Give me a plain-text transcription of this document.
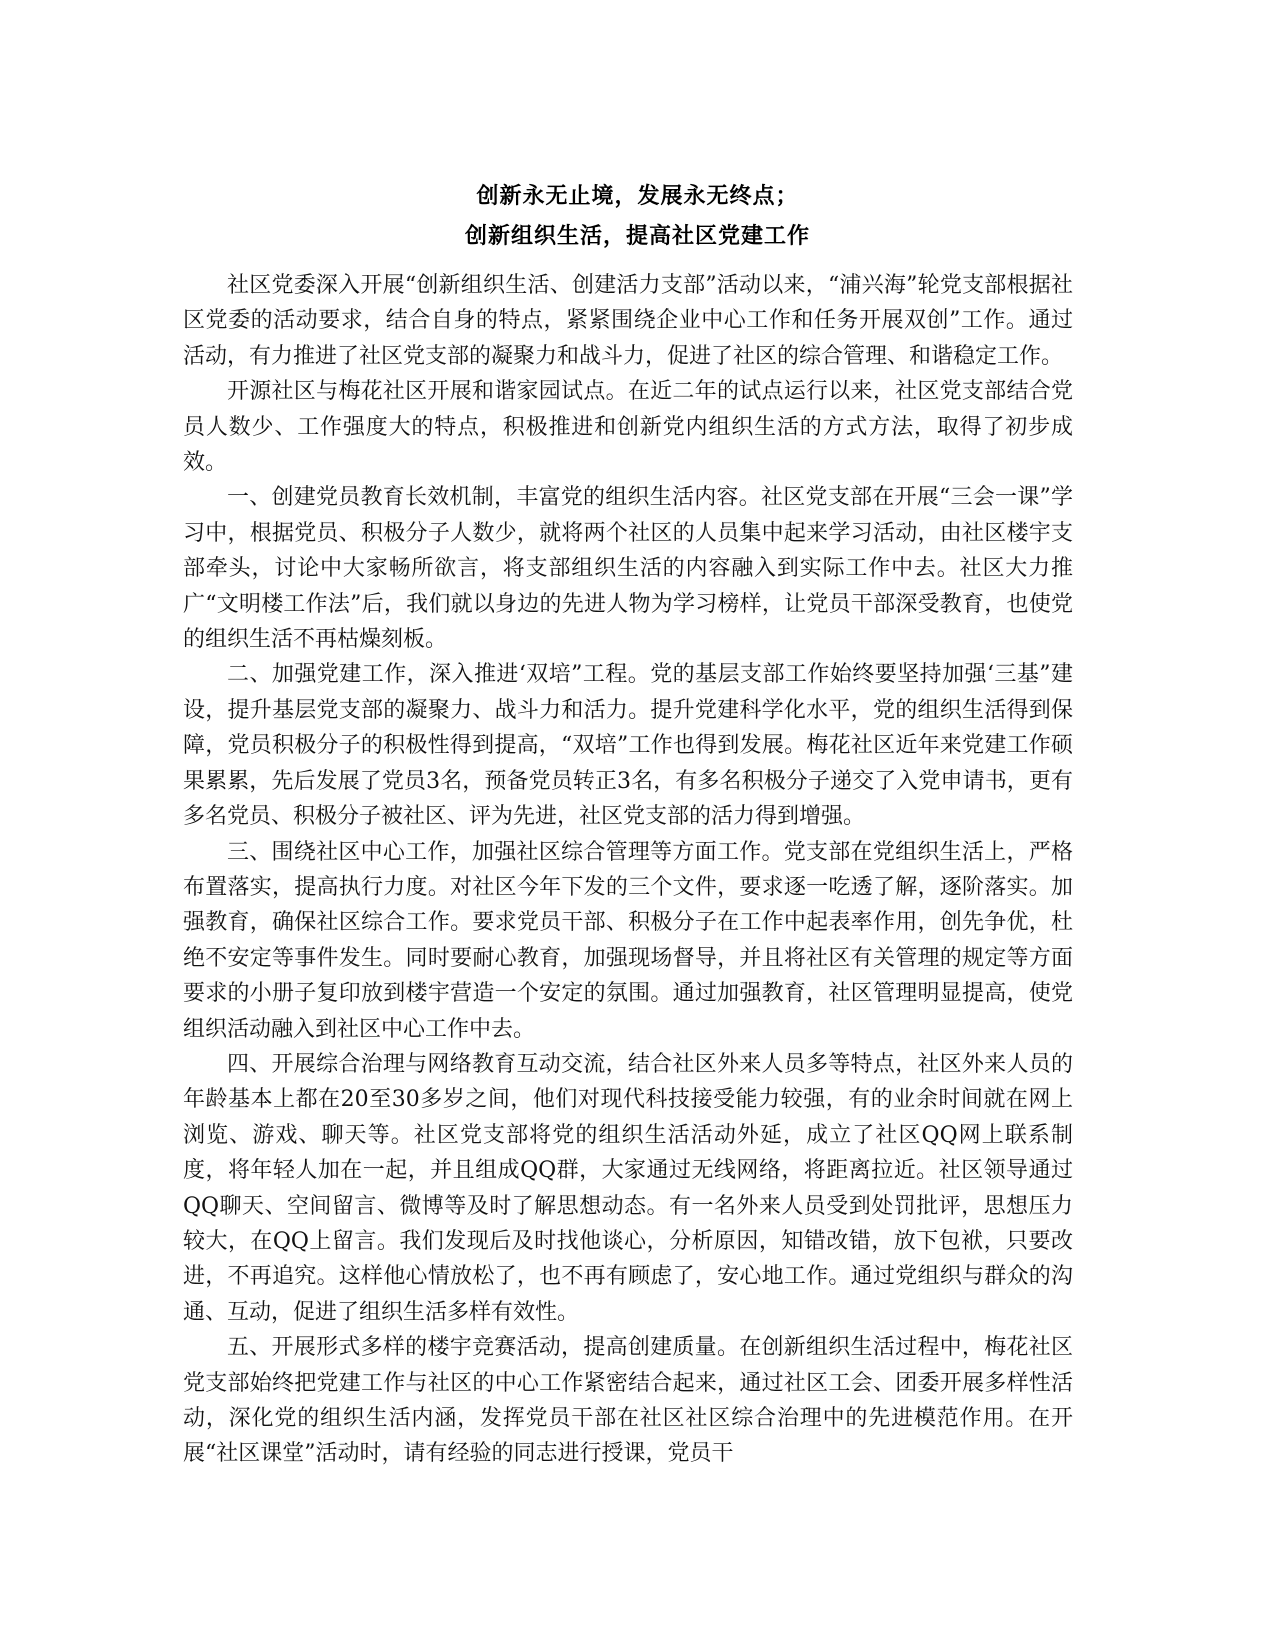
创新永无止境，发展永无终点；
创新组织生活，提高社区党建工作

社区党委深入开展“创新组织生活、创建活力支部”活动以来，“浦兴海”轮党支部根据社区党委的活动要求，结合自身的特点，紧紧围绕企业中心工作和任务开展双创”工作。通过活动，有力推进了社区党支部的凝聚力和战斗力，促进了社区的综合管理、和谐稳定工作。

开源社区与梅花社区开展和谐家园试点。在近二年的试点运行以来，社区党支部结合党员人数少、工作强度大的特点，积极推进和创新党内组织生活的方式方法，取得了初步成效。

一、创建党员教育长效机制，丰富党的组织生活内容。社区党支部在开展“三会一课”学习中，根据党员、积极分子人数少，就将两个社区的人员集中起来学习活动，由社区楼宇支部牵头，讨论中大家畅所欲言，将支部组织生活的内容融入到实际工作中去。社区大力推广“文明楼工作法”后，我们就以身边的先进人物为学习榜样，让党员干部深受教育，也使党的组织生活不再枯燥刻板。

二、加强党建工作，深入推进‘双培”工程。党的基层支部工作始终要坚持加强‘三基”建设，提升基层党支部的凝聚力、战斗力和活力。提升党建科学化水平，党的组织生活得到保障，党员积极分子的积极性得到提高，“双培”工作也得到发展。梅花社区近年来党建工作硕果累累，先后发展了党员3名，预备党员转正3名，有多名积极分子递交了入党申请书，更有多名党员、积极分子被社区、评为先进，社区党支部的活力得到增强。

三、围绕社区中心工作，加强社区综合管理等方面工作。党支部在党组织生活上，严格布置落实，提高执行力度。对社区今年下发的三个文件，要求逐一吃透了解，逐阶落实。加强教育，确保社区综合工作。要求党员干部、积极分子在工作中起表率作用，创先争优，杜绝不安定等事件发生。同时要耐心教育，加强现场督导，并且将社区有关管理的规定等方面要求的小册子复印放到楼宇营造一个安定的氛围。通过加强教育，社区管理明显提高，使党组织活动融入到社区中心工作中去。

四、开展综合治理与网络教育互动交流，结合社区外来人员多等特点，社区外来人员的年龄基本上都在20至30多岁之间，他们对现代科技接受能力较强，有的业余时间就在网上浏览、游戏、聊天等。社区党支部将党的组织生活活动外延，成立了社区QQ网上联系制度，将年轻人加在一起，并且组成QQ群，大家通过无线网络，将距离拉近。社区领导通过QQ聊天、空间留言、微博等及时了解思想动态。有一名外来人员受到处罚批评，思想压力较大，在QQ上留言。我们发现后及时找他谈心，分析原因，知错改错，放下包袱，只要改进，不再追究。这样他心情放松了，也不再有顾虑了，安心地工作。通过党组织与群众的沟通、互动，促进了组织生活多样有效性。

五、开展形式多样的楼宇竞赛活动，提高创建质量。在创新组织生活过程中，梅花社区党支部始终把党建工作与社区的中心工作紧密结合起来，通过社区工会、团委开展多样性活动，深化党的组织生活内涵，发挥党员干部在社区社区综合治理中的先进模范作用。在开展“社区课堂”活动时，请有经验的同志进行授课，党员干
